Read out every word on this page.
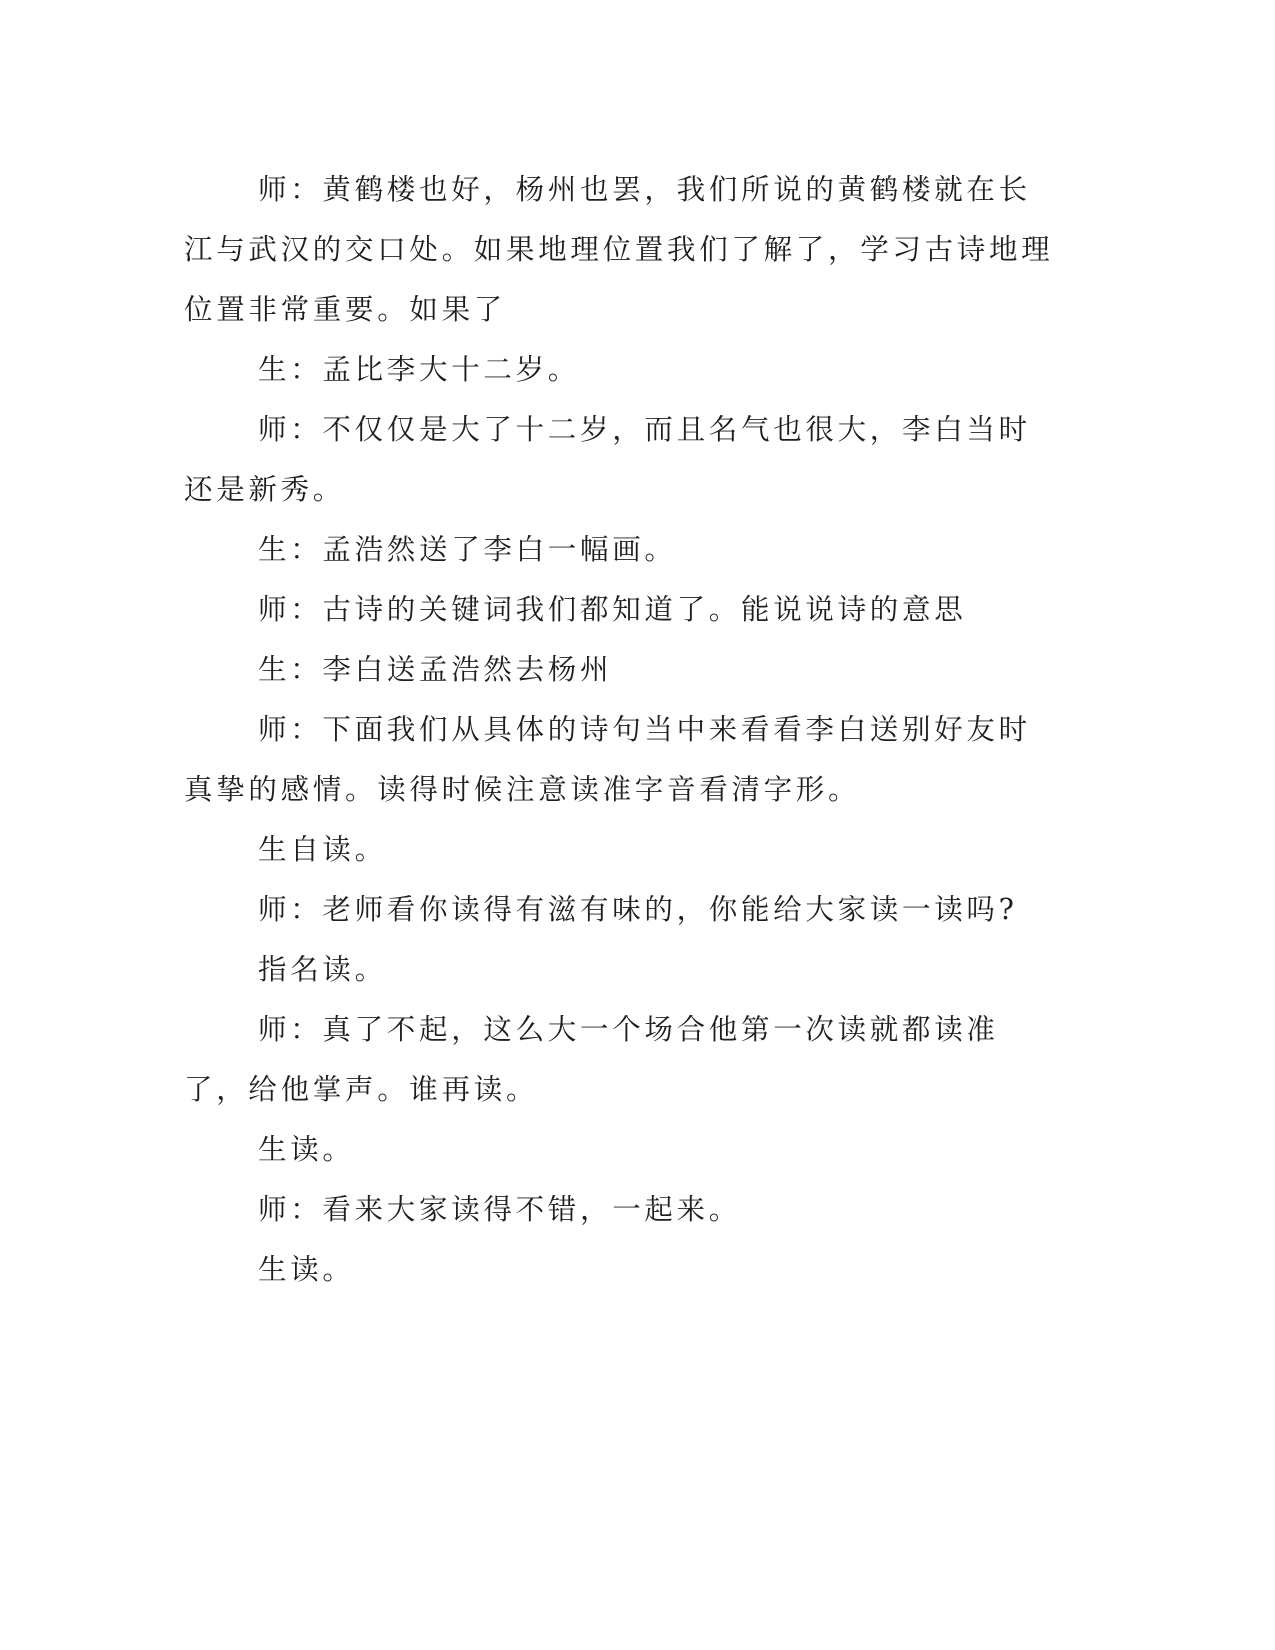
师：黄鹤楼也好，杨州也罢，我们所说的黄鹤楼就在长江与武汉的交口处。如果地理位置我们了解了，学习古诗地理位置非常重要。如果了

生：孟比李大十二岁。

师：不仅仅是大了十二岁，而且名气也很大，李白当时还是新秀。

生：孟浩然送了李白一幅画。

师：古诗的关键词我们都知道了。能说说诗的意思

生：李白送孟浩然去杨州

师：下面我们从具体的诗句当中来看看李白送别好友时真挚的感情。读得时候注意读准字音看清字形。

生自读。

师：老师看你读得有滋有味的，你能给大家读一读吗?

指名读。

师：真了不起，这么大一个场合他第一次读就都读准了，给他掌声。谁再读。

生读。

师：看来大家读得不错，一起来。

生读。
